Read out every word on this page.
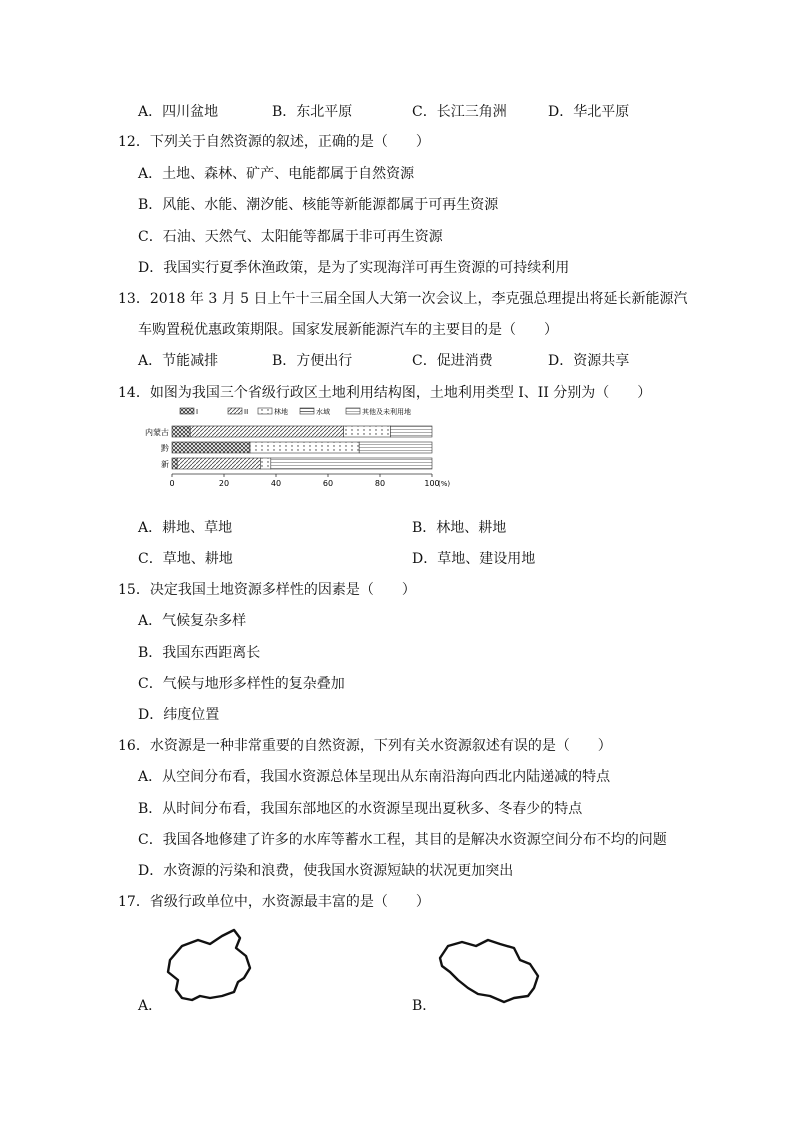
A．四川盆地	B．东北平原	C．长江三角洲	D．华北平原
12．下列关于自然资源的叙述，正确的是（　　）
A．土地、森林、矿产、电能都属于自然资源
B．风能、水能、潮汐能、核能等新能源都属于可再生资源
C．石油、天然气、太阳能等都属于非可再生资源
D．我国实行夏季休渔政策，是为了实现海洋可再生资源的可持续利用
13．2018 年 3 月 5 日上午十三届全国人大第一次会议上，李克强总理提出将延长新能源汽
车购置税优惠政策期限。国家发展新能源汽车的主要目的是（　　）
A．节能减排	B．方便出行	C．促进消费	D．资源共享
14．如图为我国三个省级行政区土地利用结构图，土地利用类型 I、II 分别为（　　）
I	II	林地	水域	其他及未利用地
0	20	40	60	80	100
(%)
内蒙古
黔
新
A．耕地、草地	B．林地、耕地
C．草地、耕地	D．草地、建设用地
15．决定我国土地资源多样性的因素是（　　）
A．气候复杂多样
B．我国东西距离长
C．气候与地形多样性的复杂叠加
D．纬度位置
16．水资源是一种非常重要的自然资源，下列有关水资源叙述有误的是（　　）
A．从空间分布看，我国水资源总体呈现出从东南沿海向西北内陆递减的特点
B．从时间分布看，我国东部地区的水资源呈现出夏秋多、冬春少的特点
C．我国各地修建了许多的水库等蓄水工程，其目的是解决水资源空间分布不均的问题
D．水资源的污染和浪费，使我国水资源短缺的状况更加突出
17．省级行政单位中，水资源最丰富的是（　　）
A．	B．
